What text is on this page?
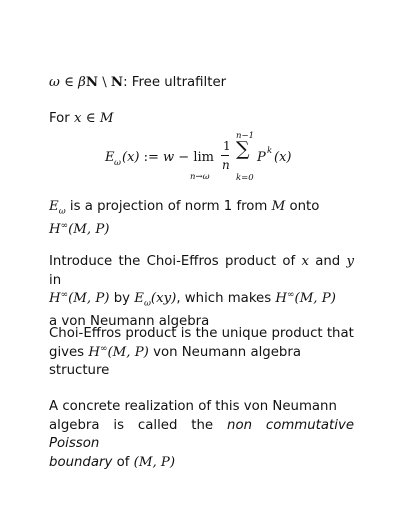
ω ∈ βN \ N: Free ultrafilter
For x ∈ M
E ω (x) := w − lim
n→ω
1
n
n−1
∑
k=0
P k (x)
$E_\omega$ is a projection of norm 1 from M onto
H∞(M, P)
Introduce the Choi-Effros product of x and y in
H∞(M, P) by $E_\omega(xy)$, which makes H∞(M, P)
a von Neumann algebra
Choi-Effros product is the unique product that
gives H∞(M, P) von Neumann algebra
structure
A concrete realization of this von Neumann
algebra is called the non commutative Poisson
boundary of (M, P)
